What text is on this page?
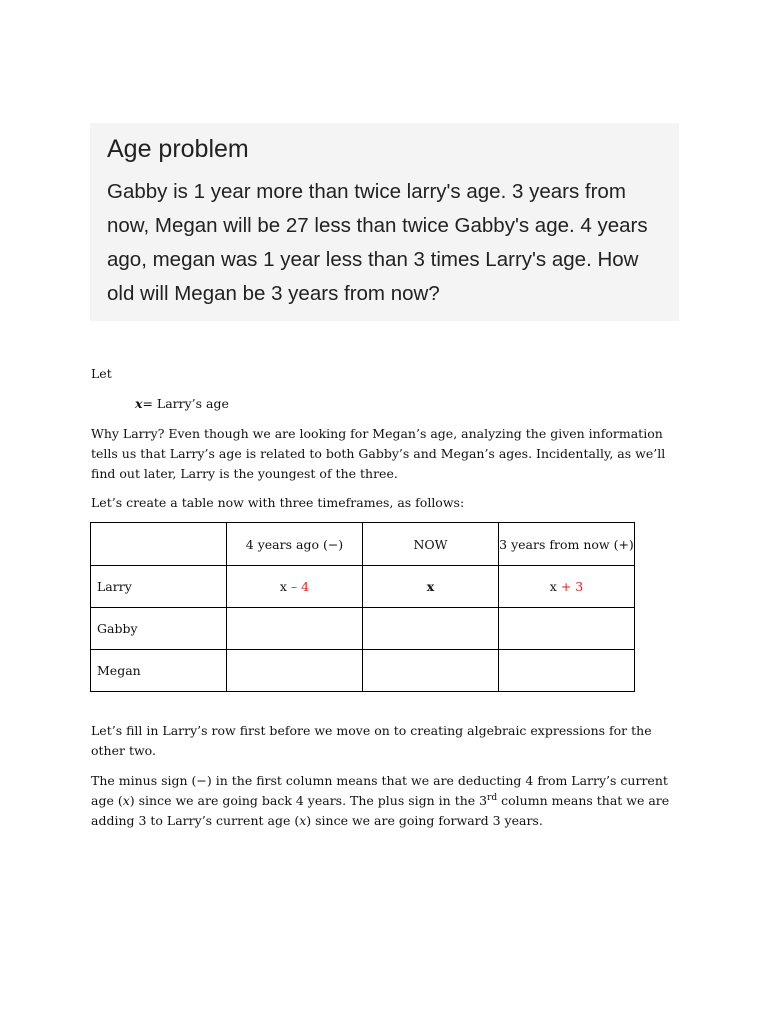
Age problem
Gabby is 1 year more than twice larry's age. 3 years from now, Megan will be 27 less than twice Gabby's age. 4 years ago, megan was 1 year less than 3 times Larry's age. How old will Megan be 3 years from now?

Let

x= Larry’s age

Why Larry? Even though we are looking for Megan’s age, analyzing the given information tells us that Larry’s age is related to both Gabby’s and Megan’s ages. Incidentally, as we’ll find out later, Larry is the youngest of the three.

Let’s create a table now with three timeframes, as follows:

Let’s fill in Larry’s row first before we move on to creating algebraic expressions for the other two.

The minus sign (−) in the first column means that we are deducting 4 from Larry’s current age (x) since we are going back 4 years. The plus sign in the 3rd column means that we are adding 3 to Larry’s current age (x) since we are going forward 3 years.

	4 years ago (−)	NOW	3 years from now (+)
Larry	x – 4	x	x + 3
Gabby			
Megan			
